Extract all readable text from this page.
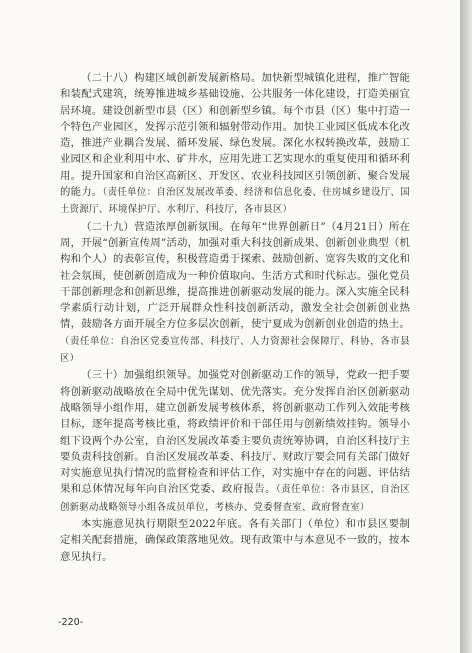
（二十八）构建区域创新发展新格局。加快新型城镇化进程，推广智能和装配式建筑，统筹推进城乡基础设施、公共服务一体化建设，打造美丽宜居环境。建设创新型市县（区）和创新型乡镇。每个市县（区）集中打造一个特色产业园区，发挥示范引领和辐射带动作用。加快工业园区低成本化改造，推进产业耦合发展、循环发展、绿色发展。深化水权转换改革，鼓励工业园区和企业利用中水、矿井水，应用先进工艺实现水的重复使用和循环利用。提升国家和自治区高新区、开发区、农业科技园区引领创新、聚合发展的能力。（责任单位：自治区发展改革委、经济和信息化委、住房城乡建设厅、国土资源厅、环境保护厅、水利厅、科技厅，各市县区）

（二十九）营造浓厚创新氛围。在每年“世界创新日”（4月21日）所在周，开展“创新宣传周”活动，加强对重大科技创新成果、创新创业典型（机构和个人）的表彰宣传，积极营造勇于探索、鼓励创新、宽容失败的文化和社会氛围，使创新创造成为一种价值取向、生活方式和时代标志。强化党员干部创新理念和创新思维，提高推进创新驱动发展的能力。深入实施全民科学素质行动计划，广泛开展群众性科技创新活动，激发全社会创新创业热情，鼓励各方面开展全方位多层次创新，使宁夏成为创新创业创造的热土。（责任单位：自治区党委宣传部、科技厅、人力资源社会保障厅、科协，各市县区）

（三十）加强组织领导。加强党对创新驱动工作的领导，党政一把手要将创新驱动战略放在全局中优先谋划、优先落实。充分发挥自治区创新驱动战略领导小组作用，建立创新发展考核体系，将创新驱动工作列入效能考核目标，逐年提高考核比重，将政绩评价和干部任用与创新绩效挂钩。领导小组下设两个办公室，自治区发展改革委主要负责统筹协调，自治区科技厅主要负责科技创新。自治区发展改革委、科技厅、财政厅要会同有关部门做好对实施意见执行情况的监督检查和评估工作，对实施中存在的问题、评估结果和总体情况每年向自治区党委、政府报告。（责任单位：各市县区，自治区创新驱动战略领导小组各成员单位，考核办、党委督查室、政府督查室）

本实施意见执行期限至2022年底。各有关部门（单位）和市县区要制定相关配套措施，确保政策落地见效。现有政策中与本意见不一致的，按本意见执行。

-220-
